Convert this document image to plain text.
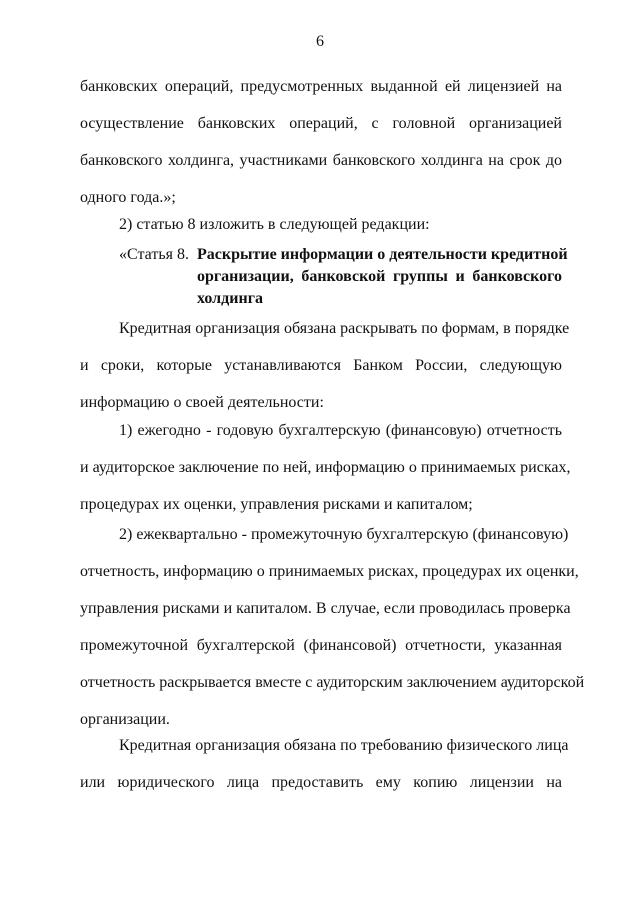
6
банковских операций, предусмотренных выданной ей лицензией на
осуществление банковских операций, с головной организацией
банковского холдинга, участниками банковского холдинга на срок до
одного года.»;
2) статью 8 изложить в следующей редакции:
«Статья 8. Раскрытие информации о деятельности кредитной
организации, банковской группы и банковского
холдинга
Кредитная организация обязана раскрывать по формам, в порядке
и сроки, которые устанавливаются Банком России, следующую
информацию о своей деятельности:
1) ежегодно - годовую бухгалтерскую (финансовую) отчетность
и аудиторское заключение по ней, информацию о принимаемых рисках,
процедурах их оценки, управления рисками и капиталом;
2) ежеквартально - промежуточную бухгалтерскую (финансовую)
отчетность, информацию о принимаемых рисках, процедурах их оценки,
управления рисками и капиталом. В случае, если проводилась проверка
промежуточной бухгалтерской (финансовой) отчетности, указанная
отчетность раскрывается вместе с аудиторским заключением аудиторской
организации.
Кредитная организация обязана по требованию физического лица
или юридического лица предоставить ему копию лицензии на
